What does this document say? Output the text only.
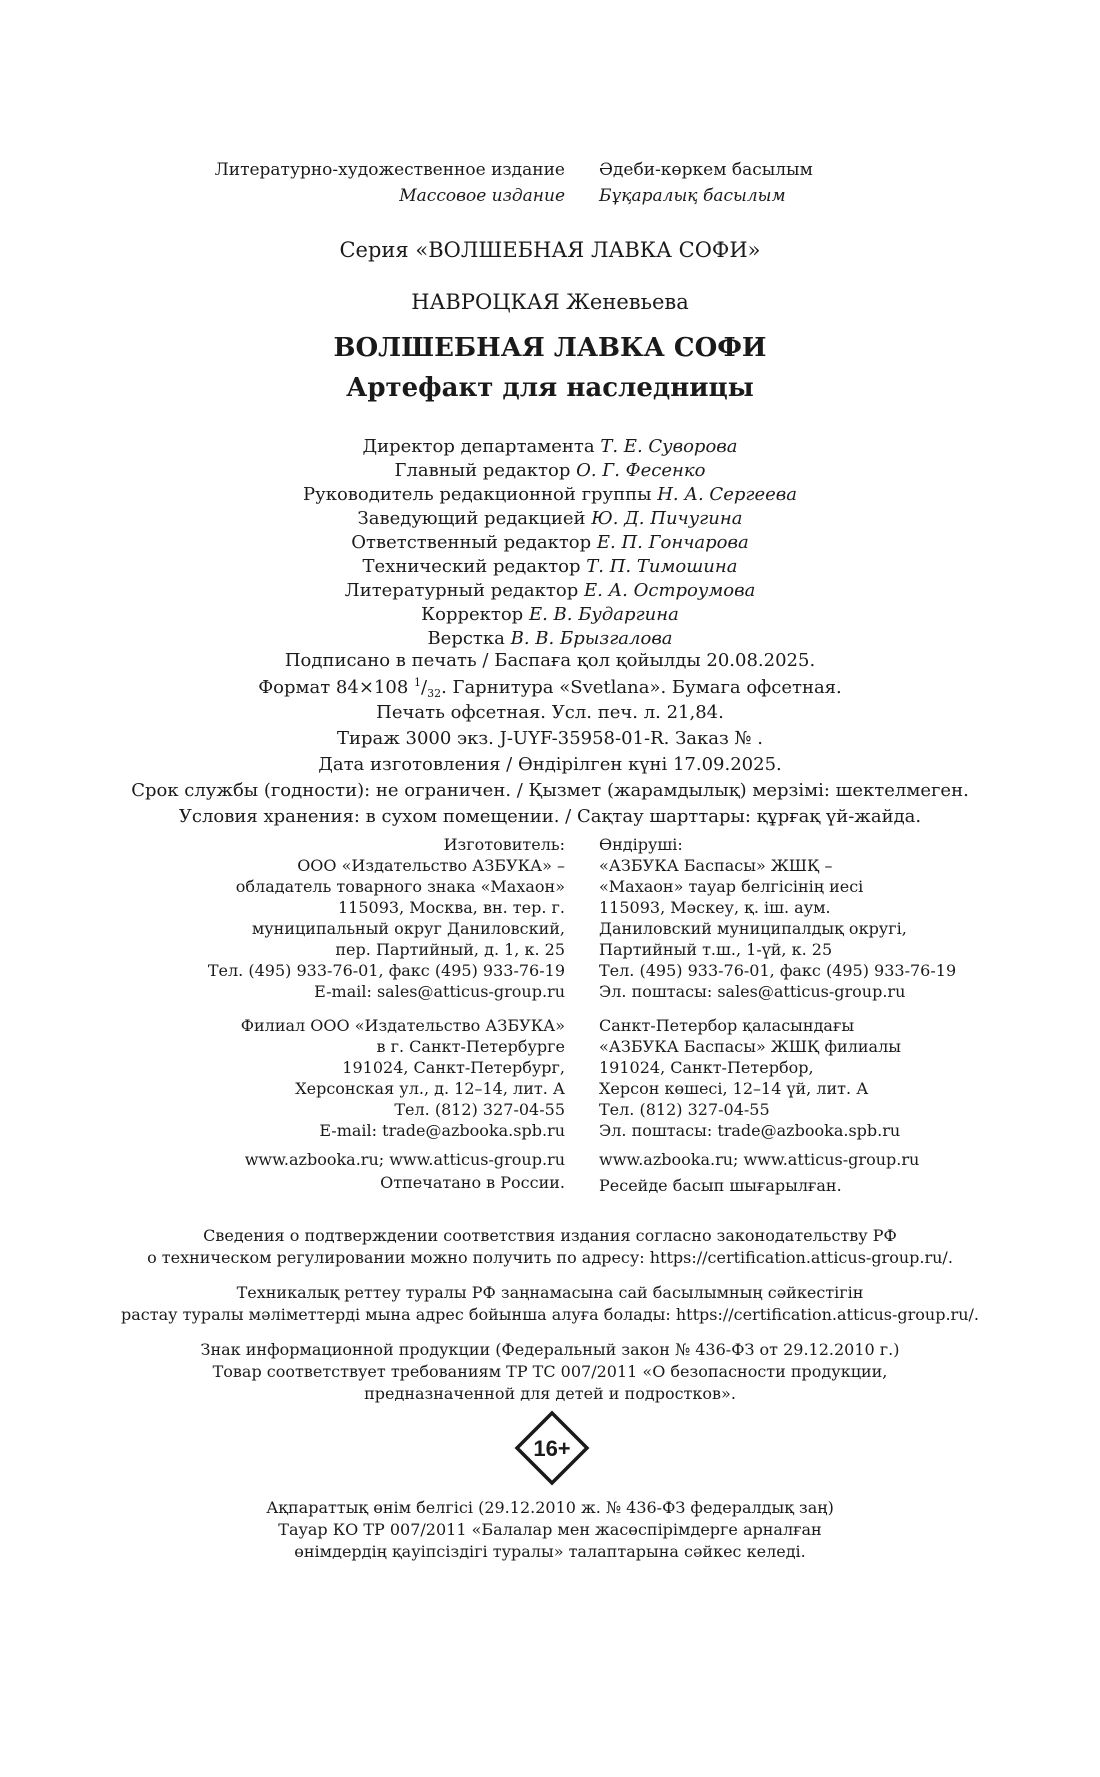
Литературно-художественное издание Әдеби-көркем басылым
Массовое издание Бұқаралық басылым
Серия «ВОЛШЕБНАЯ ЛАВКА СОФИ»
НАВРОЦКАЯ Женевьева
ВОЛШЕБНАЯ ЛАВКА СОФИ
Артефакт для наследницы
Директор департамента Т. Е. Суворова
Главный редактор О. Г. Фесенко
Руководитель редакционной группы Н. А. Сергеева
Заведующий редакцией Ю. Д. Пичугина
Ответственный редактор Е. П. Гончарова
Технический редактор Т. П. Тимошина
Литературный редактор Е. А. Остроумова
Корректор Е. В. Бударгина
Верстка В. В. Брызгалова
Подписано в печать / Баспаға қол қойылды 20.08.2025.
Формат 84×108 $^1/_{32}$. Гарнитура «Svetlana». Бумага офсетная.
Печать офсетная. Усл. печ. л. 21,84.
Тираж 3000 экз. J-UYF-35958-01-R. Заказ № .
Дата изготовления / Өндірілген күні 17.09.2025.
Срок службы (годности): не ограничен. / Қызмет (жарамдылық) мерзімі: шектелмеген.
Условия хранения: в сухом помещении. / Сақтау шарттары: құрғақ үй-жайда.
Изготовитель: Өндіруші:
ООО «Издательство АЗБУКА» – «АЗБУКА Баспасы» ЖШҚ –
обладатель товарного знака «Махаон» «Махаон» тауар белгісінің иесі
115093, Москва, вн. тер. г. 115093, Мәскеу, қ. іш. аум.
муниципальный округ Даниловский, Даниловский муниципалдық округі,
пер. Партийный, д. 1, к. 25 Партийный т.ш., 1-үй, к. 25
Тел. (495) 933-76-01, факс (495) 933-76-19 Тел. (495) 933-76-01, факс (495) 933-76-19
E-mail: sales@atticus-group.ru Эл. поштасы: sales@atticus-group.ru
Филиал ООО «Издательство АЗБУКА» Санкт-Петербор қаласындағы
в г. Санкт-Петербурге «АЗБУКА Баспасы» ЖШҚ филиалы
191024, Санкт-Петербург, 191024, Санкт-Петербор,
Херсонская ул., д. 12–14, лит. А Херсон көшесі, 12–14 үй, лит. А
Тел. (812) 327-04-55 Тел. (812) 327-04-55
E-mail: trade@azbooka.spb.ru Эл. поштасы: trade@azbooka.spb.ru
www.azbooka.ru; www.atticus-group.ru www.azbooka.ru; www.atticus-group.ru
Отпечатано в России. Ресейде басып шығарылған.
Сведения о подтверждении соответствия издания согласно законодательству РФ
о техническом регулировании можно получить по адресу: https://certification.atticus-group.ru/.
Техникалық реттеу туралы РФ заңнамасына сай басылымның сәйкестігін
растау туралы мәліметтерді мына адрес бойынша алуға болады: https://certification.atticus-group.ru/.
Знак информационной продукции (Федеральный закон № 436-ФЗ от 29.12.2010 г.)
Товар соответствует требованиям ТР ТС 007/2011 «О безопасности продукции,
предназначенной для детей и подростков».
16+
Ақпараттық өнім белгісі (29.12.2010 ж. № 436-ФЗ федералдық заң)
Тауар КО ТР 007/2011 «Балалар мен жасөспірімдерге арналған
өнімдердің қауіпсіздігі туралы» талаптарына сәйкес келеді.
